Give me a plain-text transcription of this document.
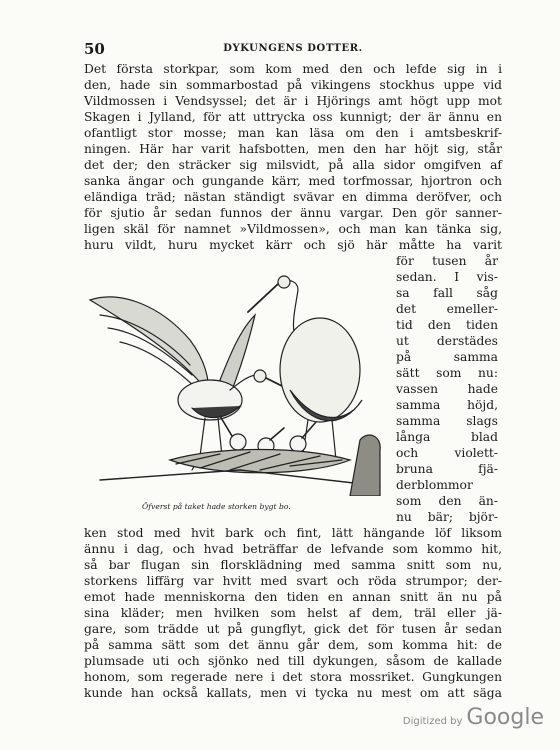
50	DYKUNGENS DOTTER.
Det första storkpar, som kom med den och lefde sig in i
den, hade sin sommarbostad på vikingens stockhus uppe vid
Vildmossen i Vendsyssel; det är i Hjörings amt högt upp mot
Skagen i Jylland, för att uttrycka oss kunnigt; der är ännu en
ofantligt stor mosse; man kan läsa om den i amtsbeskrif-
ningen. Här har varit hafsbotten, men den har höjt sig, står
det der; den sträcker sig milsvidt, på alla sidor omgifven af
sanka ängar och gungande kärr, med torfmossar, hjortron och
eländiga träd; nästan ständigt svävar en dimma deröfver, och
för sjutio år sedan funnos der ännu vargar. Den gör sanner-
ligen skäl för namnet »Vildmossen», och man kan tänka sig,
huru vildt, huru mycket kärr och sjö här måtte ha varit
för tusen år
sedan. I vis-
sa fall såg
det emeller-
tid den tiden
ut derstädes
på samma
sätt som nu:
vassen hade
samma höjd,
samma slags
långa blad
och violett-
bruna fjä-
derblommor
som den än-
nu bär; björ-
Öfverst på taket hade storken bygt bo.
ken stod med hvit bark och fint, lätt hängande löf liksom
ännu i dag, och hvad beträffar de lefvande som kommo hit,
så bar flugan sin florsklädning med samma snitt som nu,
storkens liffärg var hvitt med svart och röda strumpor; der-
emot hade menniskorna den tiden en annan snitt än nu på
sina kläder; men hvilken som helst af dem, träl eller jä-
gare, som trädde ut på gungflyt, gick det för tusen år sedan
på samma sätt som det ännu går dem, som komma hit: de
plumsade uti och sjönko ned till dykungen, såsom de kallade
honom, som regerade nere i det stora mossriket. Gungkungen
kunde han också kallats, men vi tycka nu mest om att säga
Digitized by Google
